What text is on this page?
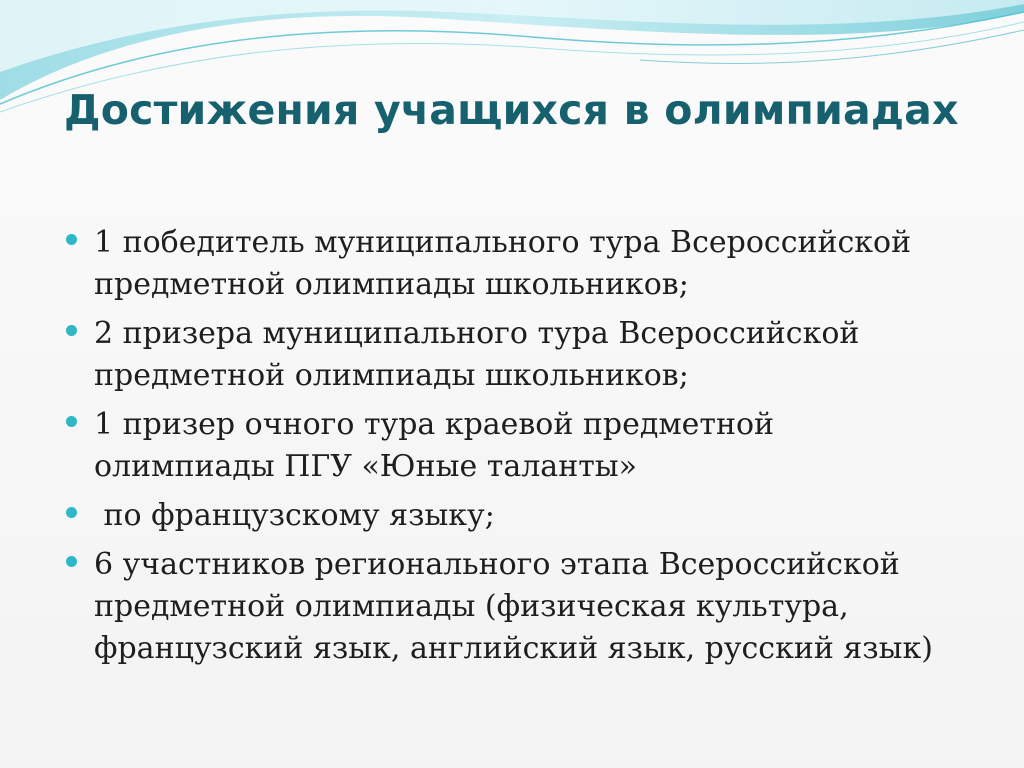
Достижения учащихся в олимпиадах
1 победитель муниципального тура Всероссийской предметной олимпиады школьников;
2 призера муниципального тура Всероссийской предметной олимпиады школьников;
1 призер очного тура краевой предметной олимпиады ПГУ «Юные таланты»
по французскому языку;
6 участников регионального этапа Всероссийской предметной олимпиады (физическая культура, французский язык, английский язык, русский язык)
